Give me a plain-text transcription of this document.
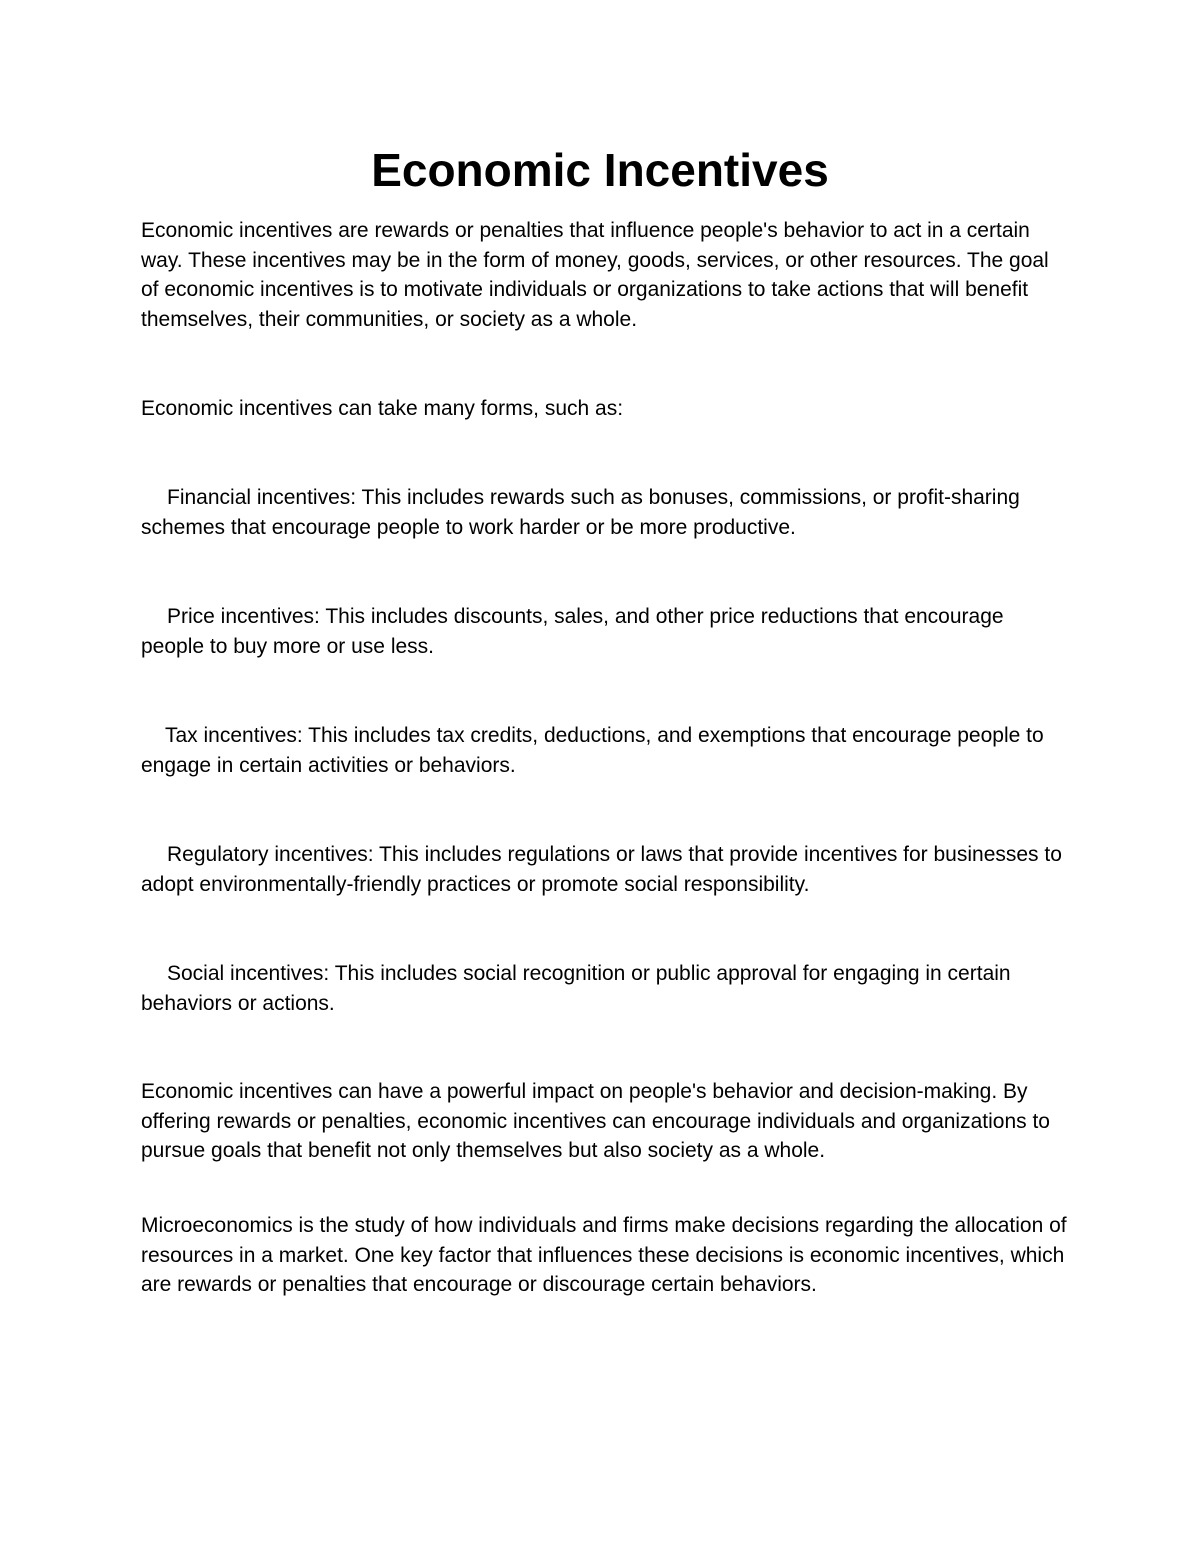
Economic Incentives

Economic incentives are rewards or penalties that influence people's behavior to act in a certain way. These incentives may be in the form of money, goods, services, or other resources. The goal of economic incentives is to motivate individuals or organizations to take actions that will benefit themselves, their communities, or society as a whole.

Economic incentives can take many forms, such as:

Financial incentives: This includes rewards such as bonuses, commissions, or profit-sharing schemes that encourage people to work harder or be more productive.

Price incentives: This includes discounts, sales, and other price reductions that encourage people to buy more or use less.

Tax incentives: This includes tax credits, deductions, and exemptions that encourage people to engage in certain activities or behaviors.

Regulatory incentives: This includes regulations or laws that provide incentives for businesses to adopt environmentally-friendly practices or promote social responsibility.

Social incentives: This includes social recognition or public approval for engaging in certain behaviors or actions.

Economic incentives can have a powerful impact on people's behavior and decision-making. By offering rewards or penalties, economic incentives can encourage individuals and organizations to pursue goals that benefit not only themselves but also society as a whole.

Microeconomics is the study of how individuals and firms make decisions regarding the allocation of resources in a market. One key factor that influences these decisions is economic incentives, which are rewards or penalties that encourage or discourage certain behaviors.
